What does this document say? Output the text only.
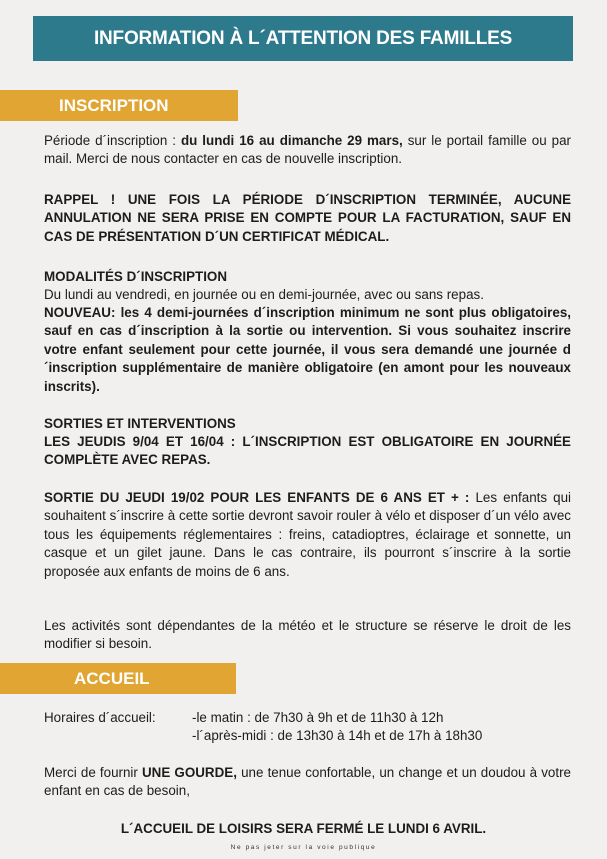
INFORMATION À L´ATTENTION DES FAMILLES
INSCRIPTION

Période d´inscription : du lundi 16 au dimanche 29 mars, sur le portail famille ou par mail. Merci de nous contacter en cas de nouvelle inscription.

RAPPEL ! UNE FOIS LA PÉRIODE D´INSCRIPTION TERMINÉE, AUCUNE ANNULATION NE SERA PRISE EN COMPTE POUR LA FACTURATION, SAUF EN CAS DE PRÉSENTATION D´UN CERTIFICAT MÉDICAL.

MODALITÉS D´INSCRIPTION

Du lundi au vendredi, en journée ou en demi-journée, avec ou sans repas.

NOUVEAU: les 4 demi-journées d´inscription minimum ne sont plus obligatoires, sauf en cas d´inscription à la sortie ou intervention. Si vous souhaitez inscrire votre enfant seulement pour cette journée, il vous sera demandé une journée d´inscription supplémentaire de manière obligatoire (en amont pour les nouveaux inscrits).

SORTIES ET INTERVENTIONS

LES JEUDIS 9/04 ET 16/04 : L´INSCRIPTION EST OBLIGATOIRE EN JOURNÉE COMPLÈTE AVEC REPAS.

SORTIE DU JEUDI 19/02 POUR LES ENFANTS DE 6 ANS ET + : Les enfants qui souhaitent s´inscrire à cette sortie devront savoir rouler à vélo et disposer d´un vélo avec tous les équipements réglementaires : freins, catadioptres, éclairage et sonnette, un casque et un gilet jaune. Dans le cas contraire, ils pourront s´inscrire à la sortie proposée aux enfants de moins de 6 ans.

Les activités sont dépendantes de la météo et le structure se réserve le droit de les modifier si besoin.

ACCUEIL
Horaires d´accueil:	-le matin : de 7h30 à 9h et de 11h30 à 12h
-l´après-midi : de 13h30 à 14h et de 17h à 18h30

Merci de fournir UNE GOURDE, une tenue confortable, un change et un doudou à votre enfant en cas de besoin,

L´ACCUEIL DE LOISIRS SERA FERMÉ LE LUNDI 6 AVRIL.
Ne pas jeter sur la voie publique
